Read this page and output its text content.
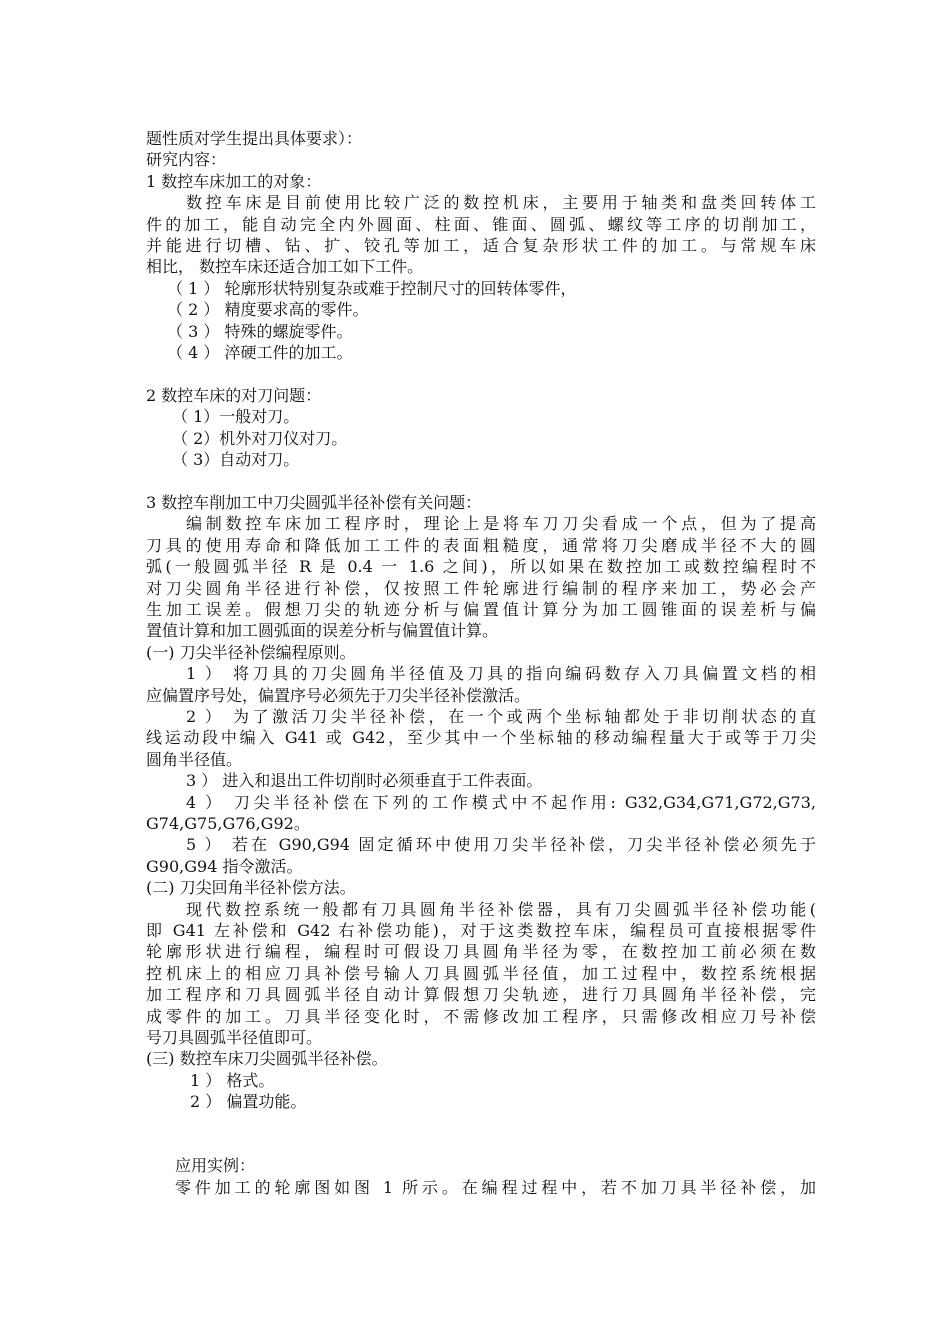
题性质对学生提出具体要求）：
研究内容：
1 数控车床加工的对象：
数控车床是目前使用比较广泛的数控机床，主要用于轴类和盘类回转体工
件的加工，能自动完全内外圆面、柱面、锥面、圆弧、螺纹等工序的切削加工，
并能进行切槽、钻、扩、铰孔等加工，适合复杂形状工件的加工。与常规车床
相比， 数控车床还适合加工如下工件。
（ 1 ） 轮廓形状特别复杂或难于控制尺寸的回转体零件，
（ 2 ） 精度要求高的零件。
（ 3 ） 特殊的螺旋零件。
（ 4 ） 淬硬工件的加工。
2 数控车床的对刀问题：
（ 1）一般对刀。
（ 2）机外对刀仪对刀。
（ 3）自动对刀。
3 数控车削加工中刀尖圆弧半径补偿有关问题：
编制数控车床加工程序时，理论上是将车刀刀尖看成一个点，但为了提高
刀具的使用寿命和降低加工工件的表面粗糙度，通常将刀尖磨成半径不大的圆
弧(一般圆弧半径 R 是 0.4 一 1.6 之间)，所以如果在数控加工或数控编程时不
对刀尖圆角半径进行补偿，仅按照工件轮廓进行编制的程序来加工，势必会产
生加工误差。假想刀尖的轨迹分析与偏置值计算分为加工圆锥面的误差析与偏
置值计算和加工圆弧面的误差分析与偏置值计算。
(一) 刀尖半径补偿编程原则。
1 ） 将刀具的刀尖圆角半径值及刀具的指向编码数存入刀具偏置文档的相
应偏置序号处，偏置序号必须先于刀尖半径补偿激活。
2 ） 为了激活刀尖半径补偿，在一个或两个坐标轴都处于非切削状态的直
线运动段中编入 G41 或 G42，至少其中一个坐标轴的移动编程量大于或等于刀尖
圆角半径值。
3 ） 进入和退出工件切削时必须垂直于工件表面。
4 ） 刀尖半径补偿在下列的工作模式中不起作用: G32,G34,G71,G72,G73,
G74,G75,G76,G92。
5 ） 若在 G90,G94 固定循环中使用刀尖半径补偿，刀尖半径补偿必须先于
G90,G94 指令激活。
(二) 刀尖回角半径补偿方法。
现代数控系统一般都有刀具圆角半径补偿器，具有刀尖圆弧半径补偿功能(
即 G41 左补偿和 G42 右补偿功能)，对于这类数控车床，编程员可直接根据零件
轮廓形状进行编程，编程时可假设刀具圆角半径为零，在数控加工前必须在数
控机床上的相应刀具补偿号输人刀具圆弧半径值，加工过程中，数控系统根据
加工程序和刀具圆弧半径自动计算假想刀尖轨迹，进行刀具圆角半径补偿，完
成零件的加工。刀具半径变化时，不需修改加工程序，只需修改相应刀号补偿
号刀具圆弧半径值即可。
(三) 数控车床刀尖圆弧半径补偿。
1 ） 格式。
2 ） 偏置功能。
应用实例：
零件加工的轮廓图如图 1 所示。在编程过程中，若不加刀具半径补偿，加
